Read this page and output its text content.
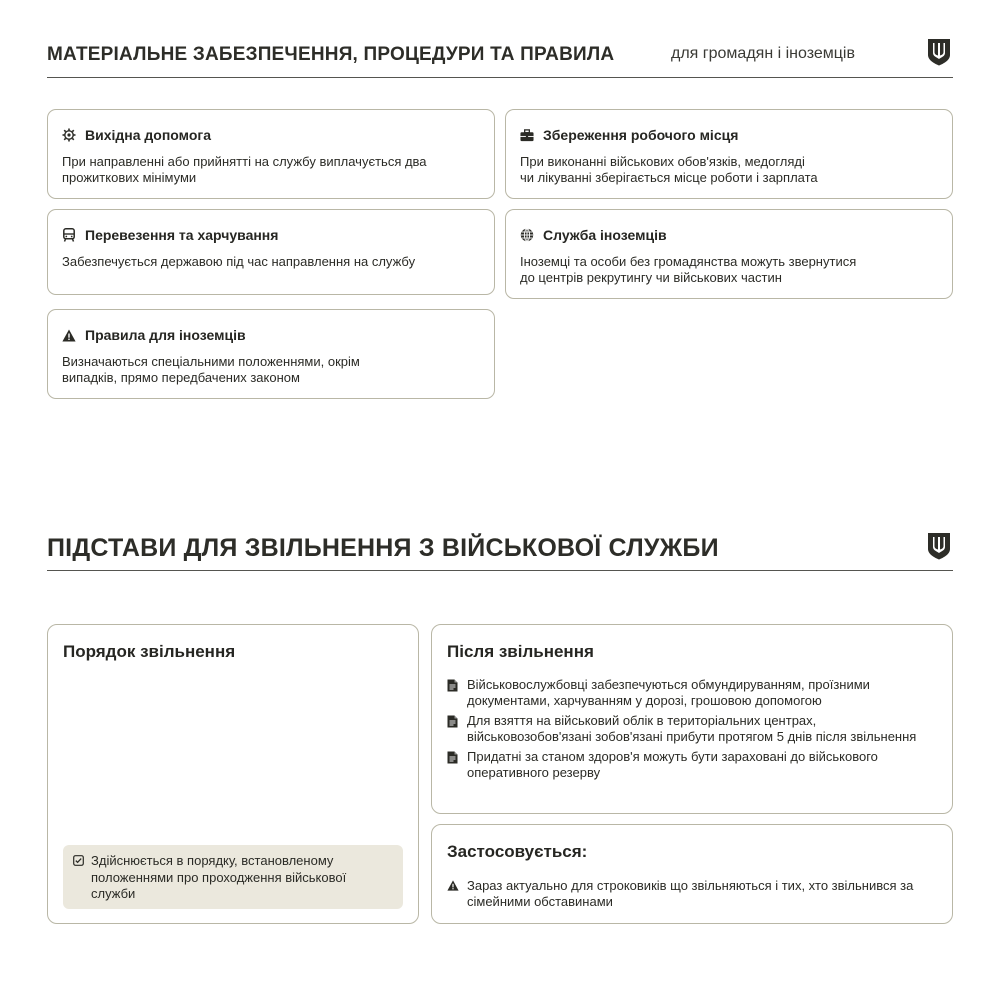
МАТЕРІАЛЬНЕ ЗАБЕЗПЕЧЕННЯ, ПРОЦЕДУРИ ТА ПРАВИЛА	для громадян і іноземців
Вихідна допомога
При направленні або прийнятті на службу виплачується два прожиткових мінімуми
Збереження робочого місця
При виконанні військових обов'язків, медогляді
чи лікуванні зберігається місце роботи і зарплата
Перевезення та харчування
Забезпечується державою під час направлення на службу
Служба іноземців
Іноземці та особи без громадянства можуть звернутися
до центрів рекрутингу чи військових частин
Правила для іноземців
Визначаються спеціальними положеннями, окрім
випадків, прямо передбачених законом
ПІДСТАВИ ДЛЯ ЗВІЛЬНЕННЯ З ВІЙСЬКОВОЇ СЛУЖБИ
Порядок звільнення
Здійснюється в порядку, встановленому положеннями про проходження військової служби
Після звільнення
Військовослужбовці забезпечуються обмундируванням, проїзними документами, харчуванням у дорозі, грошовою допомогою
Для взяття на військовий облік в територіальних центрах, військовозобов'язані зобов'язані прибути протягом 5 днів після звільнення
Придатні за станом здоров'я можуть бути зараховані до військового оперативного резерву
Застосовується:
Зараз актуально для строковиків що звільняються і тих, хто звільнився за сімейними обставинами
